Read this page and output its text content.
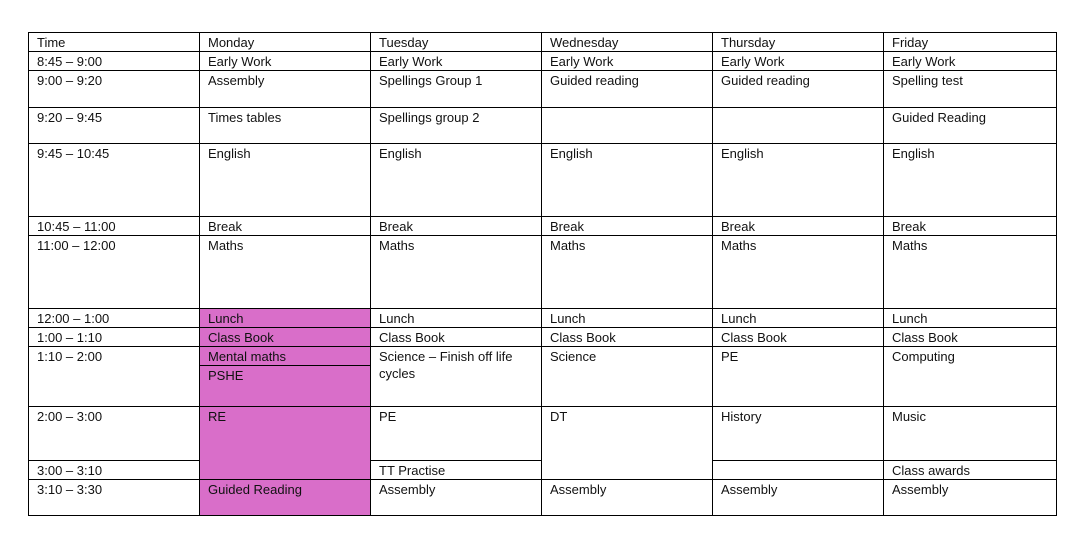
Time	Monday	Tuesday	Wednesday	Thursday	Friday
8:45 – 9:00	Early Work	Early Work	Early Work	Early Work	Early Work
9:00 – 9:20	Assembly	Spellings Group 1	Guided reading	Guided reading	Spelling test
9:20 – 9:45	Times tables	Spellings group 2			Guided Reading
9:45 – 10:45	English	English	English	English	English
10:45 – 11:00	Break	Break	Break	Break	Break
11:00 – 12:00	Maths	Maths	Maths	Maths	Maths
12:00 – 1:00	Lunch	Lunch	Lunch	Lunch	Lunch
1:00 – 1:10	Class Book	Class Book	Class Book	Class Book	Class Book
1:10 – 2:00	Mental maths	Science – Finish off life cycles	Science	PE	Computing
	PSHE				
2:00 – 3:00	RE	PE	DT	History	Music
3:00 – 3:10		TT Practise			Class awards
3:10 – 3:30	Guided Reading	Assembly	Assembly	Assembly	Assembly
